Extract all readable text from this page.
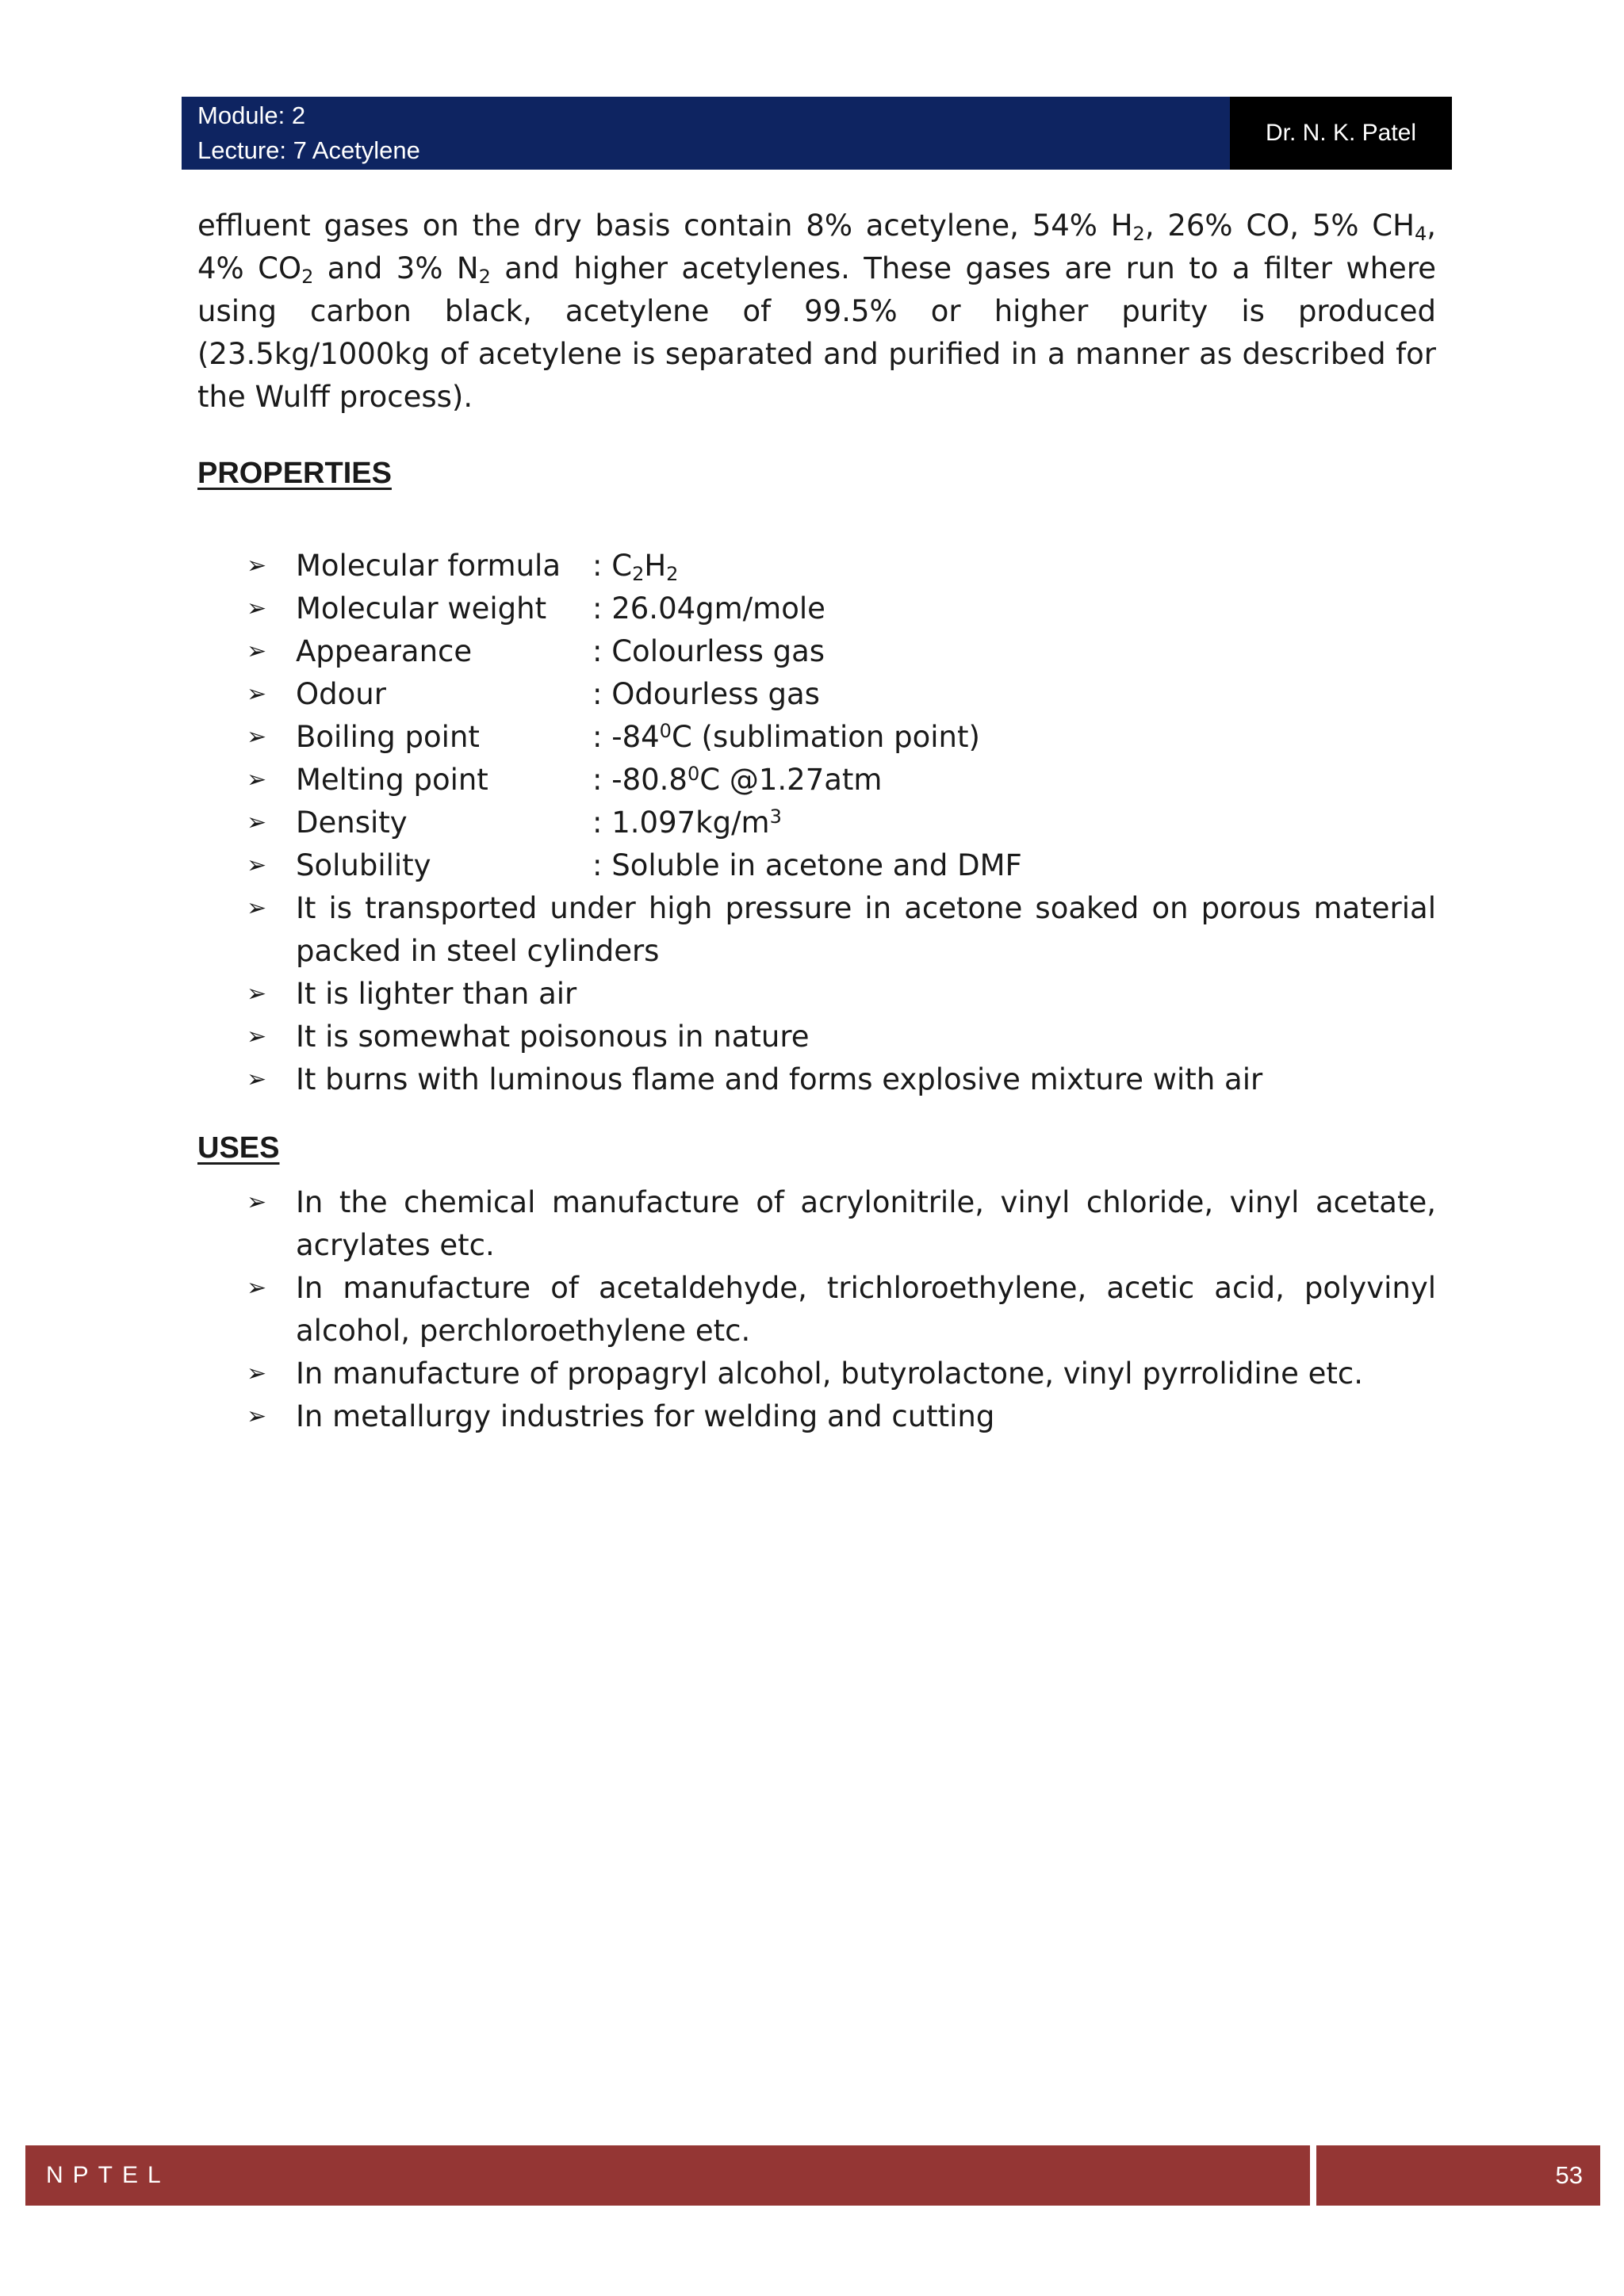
Module: 2
Lecture: 7 Acetylene
Dr. N. K. Patel

effluent gases on the dry basis contain 8% acetylene, 54% $H_2$, 26% CO, 5% $CH_4$, 4% $CO_2$ and 3% $N_2$ and higher acetylenes. These gases are run to a filter where using carbon black, acetylene of 99.5% or higher purity is produced (23.5kg/1000kg of acetylene is separated and purified in a manner as described for the Wulff process).

PROPERTIES
➢ Molecular formula : $C_2H_2$
➢ Molecular weight : 26.04gm/mole
➢ Appearance	: Colourless gas
➢ Odour	: Odourless gas
➢ Boiling point	: $-84^0C$ (sublimation point)
➢ Melting point	: -80.8$^0$C @1.27atm
➢ Density	: $1.097kg/m^3$
➢ Solubility	: Soluble in acetone and DMF
➢ It is transported under high pressure in acetone soaked on porous material packed in steel cylinders
➢ It is lighter than air
➢ It is somewhat poisonous in nature
➢ It burns with luminous flame and forms explosive mixture with air
USES
➢ In the chemical manufacture of acrylonitrile, vinyl chloride, vinyl acetate, acrylates etc.
➢ In manufacture of acetaldehyde, trichloroethylene, acetic acid, polyvinyl alcohol, perchloroethylene etc.
➢ In manufacture of propagryl alcohol, butyrolactone, vinyl pyrrolidine etc.
➢ In metallurgy industries for welding and cutting
NPTEL	53
